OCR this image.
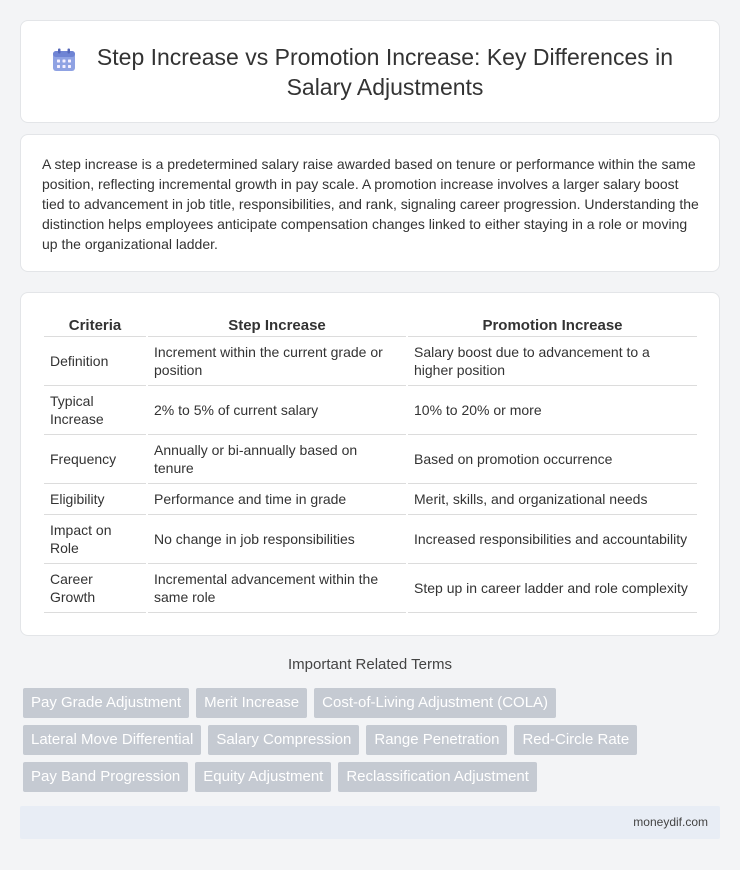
Step Increase vs Promotion Increase: Key Differences in Salary Adjustments

A step increase is a predetermined salary raise awarded based on tenure or performance within the same position, reflecting incremental growth in pay scale. A promotion increase involves a larger salary boost tied to advancement in job title, responsibilities, and rank, signaling career progression. Understanding the distinction helps employees anticipate compensation changes linked to either staying in a role or moving up the organizational ladder.

Criteria	Step Increase	Promotion Increase
Definition	Increment within the current grade or position	Salary boost due to advancement to a higher position
Typical Increase	2% to 5% of current salary	10% to 20% or more
Frequency	Annually or bi-annually based on tenure	Based on promotion occurrence
Eligibility	Performance and time in grade	Merit, skills, and organizational needs
Impact on Role	No change in job responsibilities	Increased responsibilities and accountability
Career Growth	Incremental advancement within the same role	Step up in career ladder and role complexity
Important Related Terms
Pay Grade Adjustment	Merit Increase	Cost-of-Living Adjustment (COLA)
Lateral Move Differential	Salary Compression	Range Penetration	Red-Circle Rate
Pay Band Progression	Equity Adjustment	Reclassification Adjustment
moneydif.com
